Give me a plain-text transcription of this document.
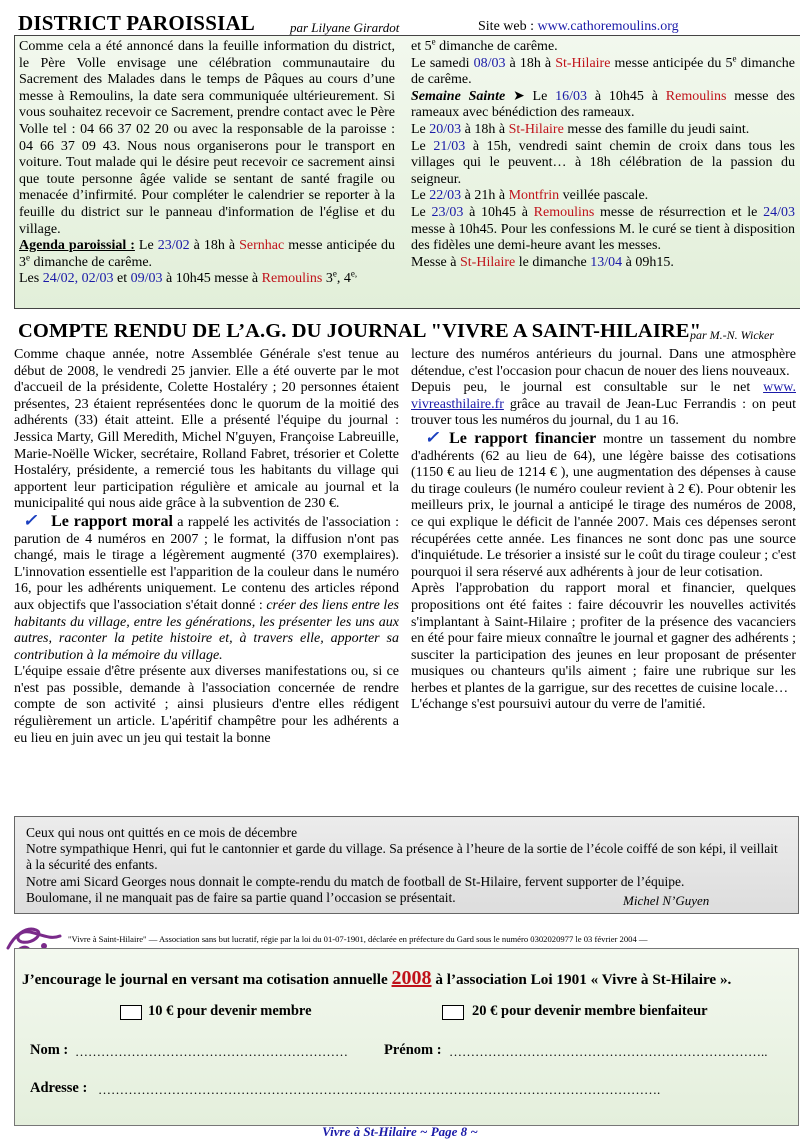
DISTRICT PAROISSIAL	par Lilyane Girardot	Site web : www.cathoremoulins.org

Comme cela a été annoncé dans la feuille information du district, le Père Volle envisage une célébration communautaire du Sacrement des Malades dans le temps de Pâques au cours d’une messe à Remoulins, la date sera communiquée ultérieurement. Si vous souhaitez recevoir ce Sacrement, prendre contact avec le Père Volle tel : 04 66 37 02 20 ou avec la responsable de la paroisse : 04 66 37 09 43. Nous nous organiserons pour le transport en voiture. Tout malade qui le désire peut recevoir ce sacrement ainsi que toute personne âgée valide se sentant de santé fragile ou menacée d’infirmité. Pour compléter le calendrier se reporter à la feuille du district sur le panneau d'information de l'église et du village.

Agenda paroissial : Le 23/02 à 18h à Sernhac messe anticipée du 3e dimanche de carême.

Les 24/02, 02/03 et 09/03 à 10h45 messe à Remoulins 3e, $4^{e,}$

et 5e dimanche de carême.

Le samedi 08/03 à 18h à St-Hilaire messe anticipée du 5e dimanche de carême.

Semaine Sainte ➤ Le 16/03 à 10h45 à Remoulins messe des rameaux avec bénédiction des rameaux.

Le 20/03 à 18h à St-Hilaire messe des famille du jeudi saint.

Le 21/03 à 15h, vendredi saint chemin de croix dans tous les villages qui le peuvent… à 18h célébration de la passion du seigneur.

Le 22/03 à 21h à Montfrin veillée pascale.

Le 23/03 à 10h45 à Remoulins messe de résurrection et le 24/03 messe à 10h45. Pour les confessions M. le curé se tient à disposition des fidèles une demi-heure avant les messes.

Messe à St-Hilaire le dimanche 13/04 à 09h15.

COMPTE RENDU DE L’A.G. DU JOURNAL "VIVRE A SAINT-HILAIRE"
par M.-N. Wicker

Comme chaque année, notre Assemblée Générale s'est tenue au début de 2008, le vendredi 25 janvier. Elle a été ouverte par le mot d'accueil de la présidente, Colette Hostaléry ; 20 personnes étaient présentes, 23 étaient représentées donc le quorum de la moitié des adhérents (33) était atteint. Elle a présenté l'équipe du journal : Jessica Marty, Gill Meredith, Michel N'guyen, Françoise Labreuille, Marie-Noëlle Wicker, secrétaire, Rolland Fabret, trésorier et Colette Hostaléry, présidente, a remercié tous les habitants du village qui apportent leur participation régulière et amicale au journal et la municipalité qui nous aide grâce à la subvention de 230 €.

✓ Le rapport moral a rappelé les activités de l'association : parution de 4 numéros en 2007 ; le format, la diffusion n'ont pas changé, mais le tirage a légèrement augmenté (370 exemplaires). L'innovation essentielle est l'apparition de la couleur dans le numéro 16, pour les adhérents uniquement. Le contenu des articles répond aux objectifs que l'association s'était donné : créer des liens entre les habitants du village, entre les générations, les présenter les uns aux autres, raconter la petite histoire et, à travers elle, apporter sa contribution à la mémoire du village.

L'équipe essaie d'être présente aux diverses manifestations ou, si ce n'est pas possible, demande à l'association concernée de rendre compte de son activité ; ainsi plusieurs d'entre elles rédigent régulièrement un article. L'apéritif champêtre pour les adhérents a eu lieu en juin avec un jeu qui testait la bonne

lecture des numéros antérieurs du journal. Dans une atmosphère détendue, c'est l'occasion pour chacun de nouer des liens nouveaux.

Depuis peu, le journal est consultable sur le net www. vivreasthilaire.fr grâce au travail de Jean-Luc Ferrandis : on peut trouver tous les numéros du journal, du 1 au 16.

✓ Le rapport financier montre un tassement du nombre d'adhérents (62 au lieu de 64), une légère baisse des cotisations (1150 € au lieu de 1214 € ), une augmentation des dépenses à cause du tirage couleurs (le numéro couleur revient à 2 €). Pour obtenir les meilleurs prix, le journal a anticipé le tirage des numéros de 2008, ce qui explique le déficit de l'année 2007. Mais ces dépenses seront récupérées cette année. Les finances ne sont donc pas une source d'inquiétude. Le trésorier a insisté sur le coût du tirage couleur ; c'est pourquoi il sera réservé aux adhérents à jour de leur cotisation.

Après l'approbation du rapport moral et financier, quelques propositions ont été faites : faire découvrir les nouvelles activités s'implantant à Saint-Hilaire ; profiter de la présence des vacanciers en été pour faire mieux connaître le journal et gagner des adhérents ; susciter la participation des jeunes en leur proposant de présenter musiques ou chanteurs qu'ils aiment ; faire une rubrique sur les herbes et plantes de la garrigue, sur des recettes de cuisine locale…

L'échange s'est poursuivi autour du verre de l'amitié.

Ceux qui nous ont quittés en ce mois de décembre

Notre sympathique Henri, qui fut le cantonnier et garde du village. Sa présence à l’heure de la sortie de l’école coiffé de son képi, il veillait à la sécurité des enfants.

Notre ami Sicard Georges nous donnait le compte-rendu du match de football de St-Hilaire, fervent supporter de l’équipe.

Boulomane, il ne manquait pas de faire sa partie quand l’occasion se présentait.	Michel N’Guyen
"Vivre à Saint-Hilaire" — Association sans but lucratif, régie par la loi du 01-07-1901, déclarée en préfecture du Gard sous le numéro 0302020977 le 03 février 2004 —
J’encourage le journal en versant ma cotisation annuelle 2008 à l’association Loi 1901 « Vivre à St-Hilaire ».
10 € pour devenir membre	20 € pour devenir membre bienfaiteur
Nom : ……………………………………………………… Prénom : ………………………………………………………………..
Adresse : ………………………………………………………………………………………………………………….
Vivre à St-Hilaire ~ Page 8 ~
